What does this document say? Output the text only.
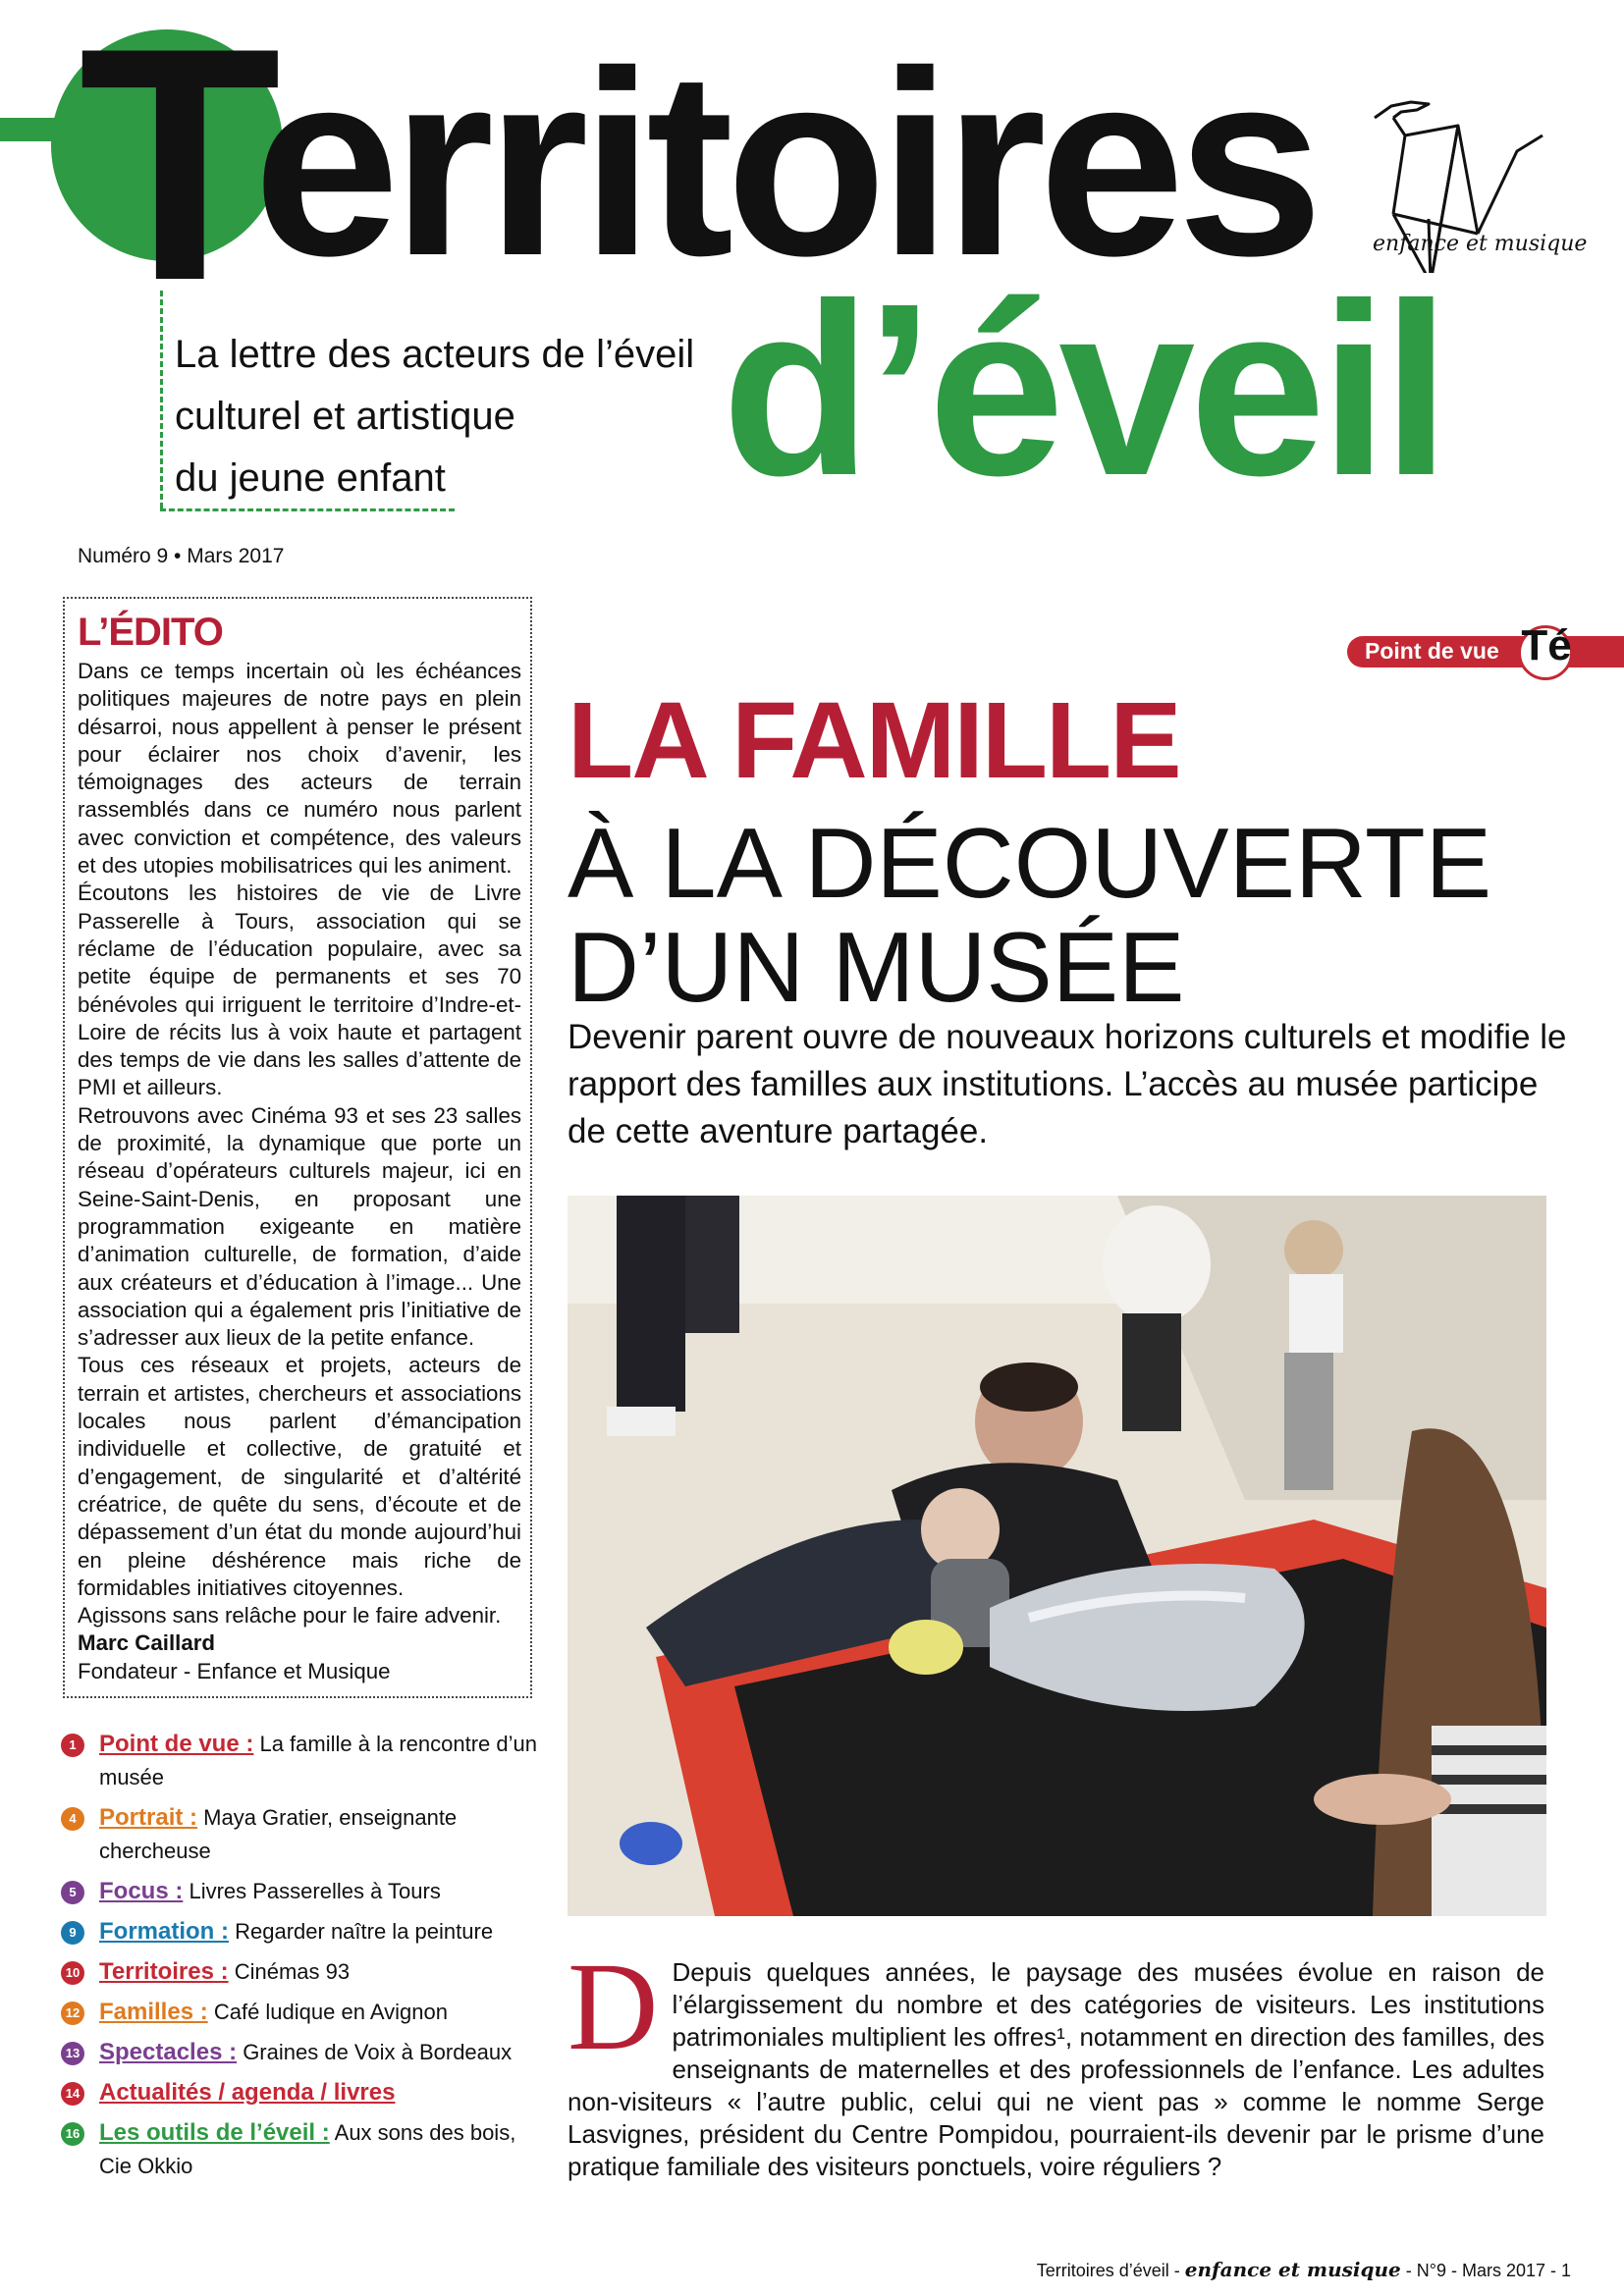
T
erritoires
d’éveil
La lettre des acteurs de l’éveil
culturel et artistique
du jeune enfant
Numéro 9 • Mars 2017
enfance et musique
L’ÉDITO

Dans ce temps incertain où les échéances politiques majeures de notre pays en plein désarroi, nous appellent à penser le présent pour éclairer nos choix d’avenir, les témoignages des acteurs de terrain rassemblés dans ce numéro nous parlent avec conviction et compétence, des valeurs et des utopies mobilisatrices qui les animent.

Écoutons les histoires de vie de Livre Passerelle à Tours, association qui se réclame de l’éducation populaire, avec sa petite équipe de permanents et ses 70 bénévoles qui irriguent le territoire d’Indre-et-Loire de récits lus à voix haute et partagent des temps de vie dans les salles d’attente de PMI et ailleurs.

Retrouvons avec Cinéma 93 et ses 23 salles de proximité, la dynamique que porte un réseau d’opérateurs culturels majeur, ici en Seine-Saint-Denis, en proposant une programmation exigeante en matière d’animation culturelle, de formation, d’aide aux créateurs et d’éducation à l’image... Une association qui a également pris l’initiative de s’adresser aux lieux de la petite enfance.

Tous ces réseaux et projets, acteurs de terrain et artistes, chercheurs et associations locales nous parlent d’émancipation individuelle et collective, de gratuité et d’engagement, de singularité et d’altérité créatrice, de quête du sens, d’écoute et de dépassement d’un état du monde aujourd’hui en pleine déshérence mais riche de formidables initiatives citoyennes.

Agissons sans relâche pour le faire advenir.

Marc Caillard

Fondateur - Enfance et Musique

1 Point de vue : La famille à la rencontre d’un musée
4 Portrait : Maya Gratier, enseignante chercheuse
5 Focus : Livres Passerelles à Tours
9 Formation : Regarder naître la peinture
10 Territoires : Cinémas 93
12 Familles : Café ludique en Avignon
13 Spectacles : Graines de Voix à Bordeaux
14 Actualités / agenda / livres
16 Les outils de l’éveil : Aux sons des bois, Cie Okkio
Point de vue Té
LA FAMILLE
À LA DÉCOUVERTE
D’UN MUSÉE
Devenir parent ouvre de nouveaux horizons culturels et modifie le rapport des familles aux institutions. L’accès au musée participe de cette aventure partagée.
D Depuis quelques années, le paysage des musées évolue en raison de l’élargissement du nombre et des catégories de visiteurs. Les institutions patrimoniales multiplient les offres¹, notamment en direction des familles, des enseignants de maternelles et des professionnels de l’enfance. Les adultes non-visiteurs « l’autre public, celui qui ne vient pas » comme le nomme Serge Lasvignes, président du Centre Pompidou, pourraient-ils devenir par le prisme d’une pratique familiale des visiteurs ponctuels, voire réguliers ?
Territoires d’éveil - enfance et musique - N°9 - Mars 2017 - 1
